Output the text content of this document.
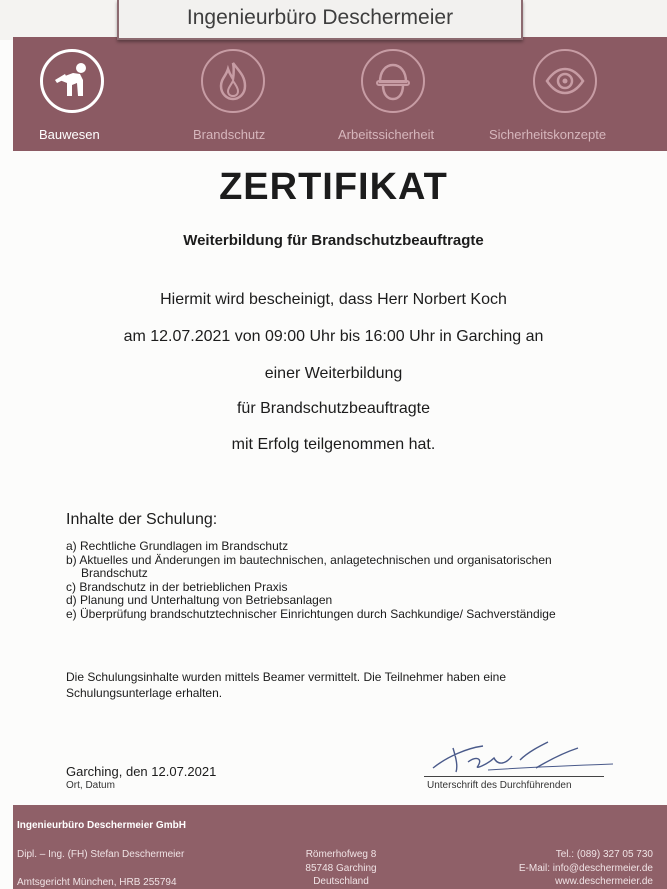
Ingenieurbüro Deschermeier
Bauwesen	Brandschutz	Arbeitssicherheit	Sicherheitskonzepte
ZERTIFIKAT
Weiterbildung für Brandschutzbeauftragte
Hiermit wird bescheinigt, dass Herr Norbert Koch
am 12.07.2021 von 09:00 Uhr bis 16:00 Uhr in Garching an
einer Weiterbildung
für Brandschutzbeauftragte
mit Erfolg teilgenommen hat.
Inhalte der Schulung:
a) Rechtliche Grundlagen im Brandschutz
b) Aktuelles und Änderungen im bautechnischen, anlagetechnischen und organisatorischen
Brandschutz
c) Brandschutz in der betrieblichen Praxis
d) Planung und Unterhaltung von Betriebsanlagen
e) Überprüfung brandschutztechnischer Einrichtungen durch Sachkundige/ Sachverständige
Die Schulungsinhalte wurden mittels Beamer vermittelt. Die Teilnehmer haben eine
Schulungsunterlage erhalten.
Garching, den 12.07.2021
Ort, Datum	Unterschrift des Durchführenden
Ingenieurbüro Deschermeier GmbH
Dipl. – Ing. (FH) Stefan Deschermeier
Amtsgericht München, HRB 255794
Römerhofweg 8
85748 Garching
Deutschland
Tel.: (089) 327 05 730
E-Mail: info@deschermeier.de
www.deschermeier.de
